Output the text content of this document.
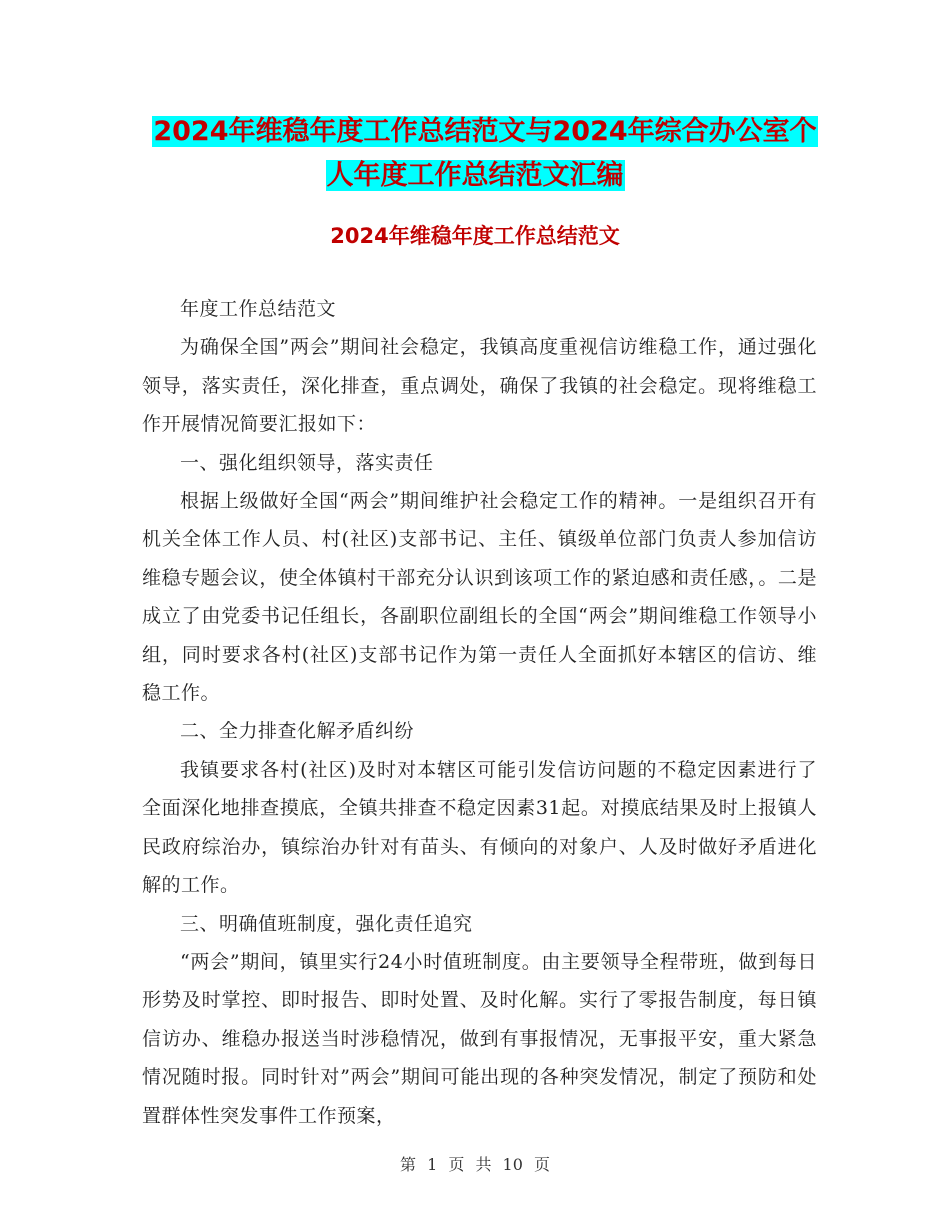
2024年维稳年度工作总结范文与2024年综合办公室个
人年度工作总结范文汇编
2024年维稳年度工作总结范文

年度工作总结范文

为确保全国”两会”期间社会稳定，我镇高度重视信访维稳工作，通过强化领导，落实责任，深化排查，重点调处，确保了我镇的社会稳定。现将维稳工作开展情况简要汇报如下：

一、强化组织领导，落实责任

根据上级做好全国“两会”期间维护社会稳定工作的精神。一是组织召开有机关全体工作人员、村(社区)支部书记、主任、镇级单位部门负责人参加信访维稳专题会议，使全体镇村干部充分认识到该项工作的紧迫感和责任感，。二是成立了由党委书记任组长，各副职位副组长的全国“两会”期间维稳工作领导小组，同时要求各村(社区)支部书记作为第一责任人全面抓好本辖区的信访、维稳工作。

二、全力排查化解矛盾纠纷

我镇要求各村(社区)及时对本辖区可能引发信访问题的不稳定因素进行了全面深化地排查摸底，全镇共排查不稳定因素31起。对摸底结果及时上报镇人民政府综治办，镇综治办针对有苗头、有倾向的对象户、人及时做好矛盾进化解的工作。

三、明确值班制度，强化责任追究

“两会”期间，镇里实行24小时值班制度。由主要领导全程带班，做到每日形势及时掌控、即时报告、即时处置、及时化解。实行了零报告制度，每日镇信访办、维稳办报送当时涉稳情况，做到有事报情况，无事报平安，重大紧急情况随时报。同时针对”两会”期间可能出现的各种突发情况，制定了预防和处置群体性突发事件工作预案，

第 1 页 共 10 页
